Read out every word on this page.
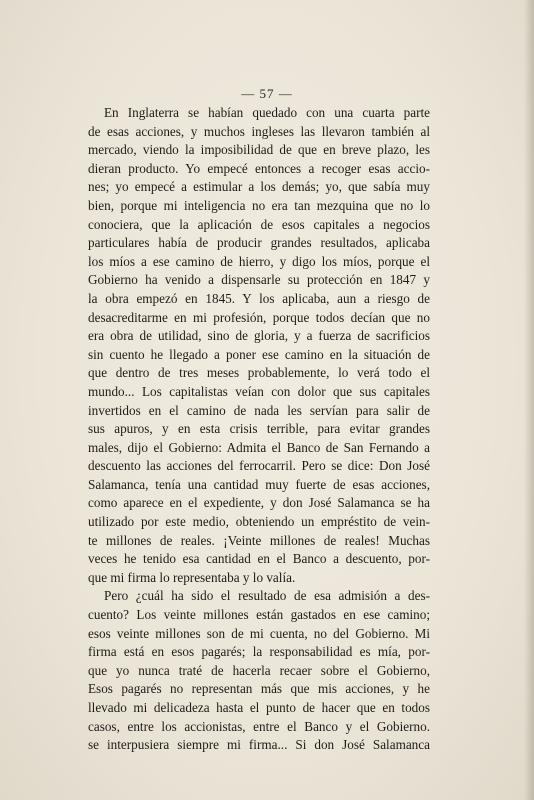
— 57 —
En Inglaterra se habían quedado con una cuarta parte
de esas acciones, y muchos ingleses las llevaron también al
mercado, viendo la imposibilidad de que en breve plazo, les
dieran producto. Yo empecé entonces a recoger esas accio-
nes; yo empecé a estimular a los demás; yo, que sabía muy
bien, porque mi inteligencia no era tan mezquina que no lo
conociera, que la aplicación de esos capitales a negocios
particulares había de producir grandes resultados, aplicaba
los míos a ese camino de hierro, y digo los míos, porque el
Gobierno ha venido a dispensarle su protección en 1847 y
la obra empezó en 1845. Y los aplicaba, aun a riesgo de
desacreditarme en mi profesión, porque todos decían que no
era obra de utilidad, sino de gloria, y a fuerza de sacrificios
sin cuento he llegado a poner ese camino en la situación de
que dentro de tres meses probablemente, lo verá todo el
mundo... Los capitalistas veían con dolor que sus capitales
invertidos en el camino de nada les servían para salir de
sus apuros, y en esta crisis terrible, para evitar grandes
males, dijo el Gobierno: Admita el Banco de San Fernando a
descuento las acciones del ferrocarril. Pero se dice: Don José
Salamanca, tenía una cantidad muy fuerte de esas acciones,
como aparece en el expediente, y don José Salamanca se ha
utilizado por este medio, obteniendo un empréstito de vein-
te millones de reales. ¡Veinte millones de reales! Muchas
veces he tenido esa cantidad en el Banco a descuento, por-
que mi firma lo representaba y lo valía.
Pero ¿cuál ha sido el resultado de esa admisión a des-
cuento? Los veinte millones están gastados en ese camino;
esos veinte millones son de mi cuenta, no del Gobierno. Mi
firma está en esos pagarés; la responsabilidad es mía, por-
que yo nunca traté de hacerla recaer sobre el Gobierno,
Esos pagarés no representan más que mis acciones, y he
llevado mi delicadeza hasta el punto de hacer que en todos
casos, entre los accionistas, entre el Banco y el Gobierno.
se interpusiera siempre mi firma... Si don José Salamanca
